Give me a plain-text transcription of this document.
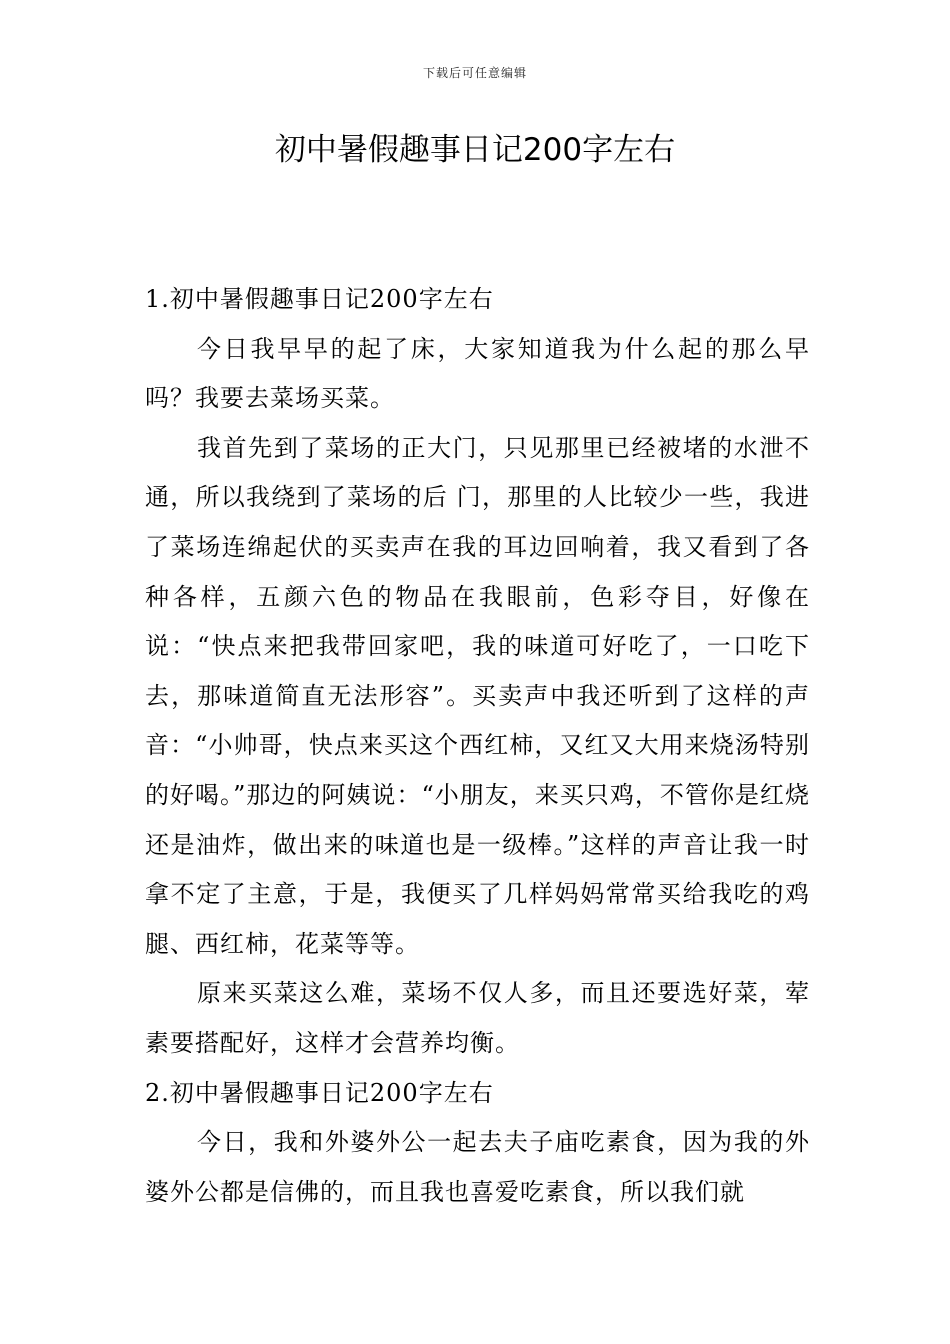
下载后可任意编辑
初中暑假趣事日记200字左右

1.初中暑假趣事日记200字左右

今日我早早的起了床，大家知道我为什么起的那么早吗？我要去菜场买菜。

我首先到了菜场的正大门，只见那里已经被堵的水泄不通，所以我绕到了菜场的后 门，那里的人比较少一些，我进了菜场连绵起伏的买卖声在我的耳边回响着，我又看到了各种各样，五颜六色的物品在我眼前，色彩夺目，好像在说：“快点来把我带回家吧，我的味道可好吃了，一口吃下去，那味道简直无法形容”。买卖声中我还听到了这样的声音：“小帅哥，快点来买这个西红柿，又红又大用来烧汤特别的好喝。”那边的阿姨说：“小朋友，来买只鸡，不管你是红烧还是油炸，做出来的味道也是一级棒。”这样的声音让我一时拿不定了主意，于是，我便买了几样妈妈常常买给我吃的鸡腿、西红柿，花菜等等。

原来买菜这么难，菜场不仅人多，而且还要选好菜，荤素要搭配好，这样才会营养均衡。

2.初中暑假趣事日记200字左右

今日，我和外婆外公一起去夫子庙吃素食，因为我的外婆外公都是信佛的，而且我也喜爱吃素食，所以我们就
